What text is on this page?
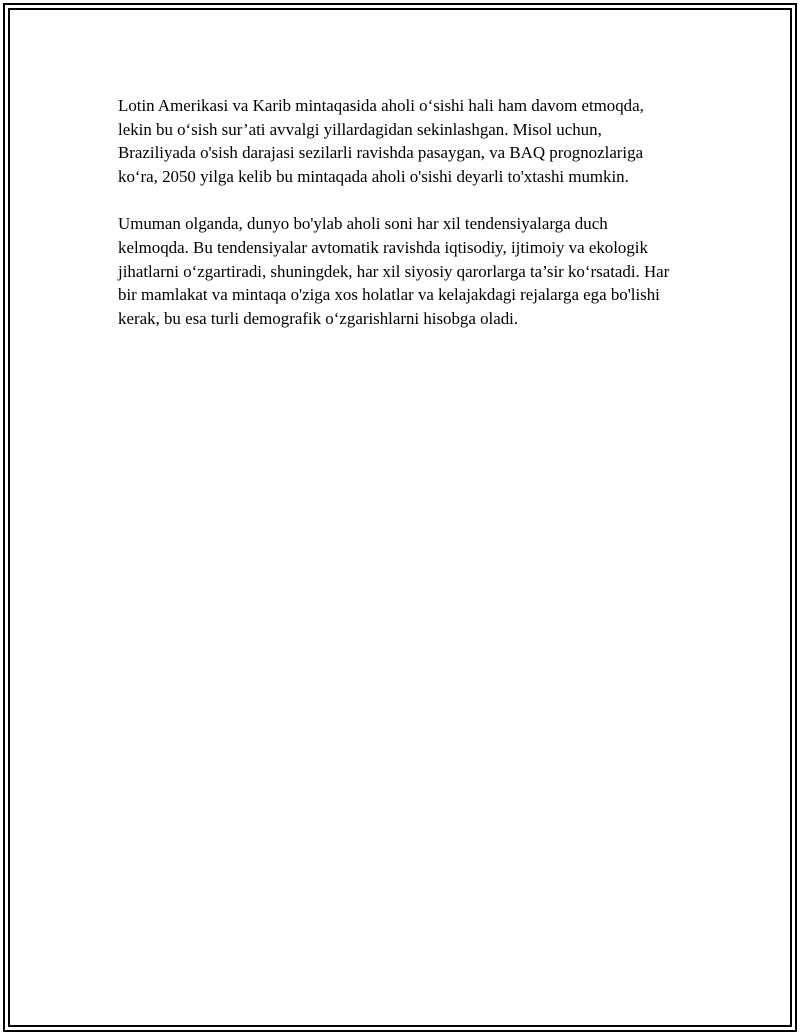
Lotin Amerikasi va Karib mintaqasida aholi o‘sishi hali ham davom etmoqda, lekin bu o‘sish sur’ati avvalgi yillardagidan sekinlashgan. Misol uchun, Braziliyada o'sish darajasi sezilarli ravishda pasaygan, va BAQ prognozlariga ko‘ra, 2050 yilga kelib bu mintaqada aholi o'sishi deyarli to'xtashi mumkin.

Umuman olganda, dunyo bo'ylab aholi soni har xil tendensiyalarga duch kelmoqda. Bu tendensiyalar avtomatik ravishda iqtisodiy, ijtimoiy va ekologik jihatlarni o‘zgartiradi, shuningdek, har xil siyosiy qarorlarga ta’sir ko‘rsatadi. Har bir mamlakat va mintaqa o'ziga xos holatlar va kelajakdagi rejalarga ega bo'lishi kerak, bu esa turli demografik o‘zgarishlarni hisobga oladi.
